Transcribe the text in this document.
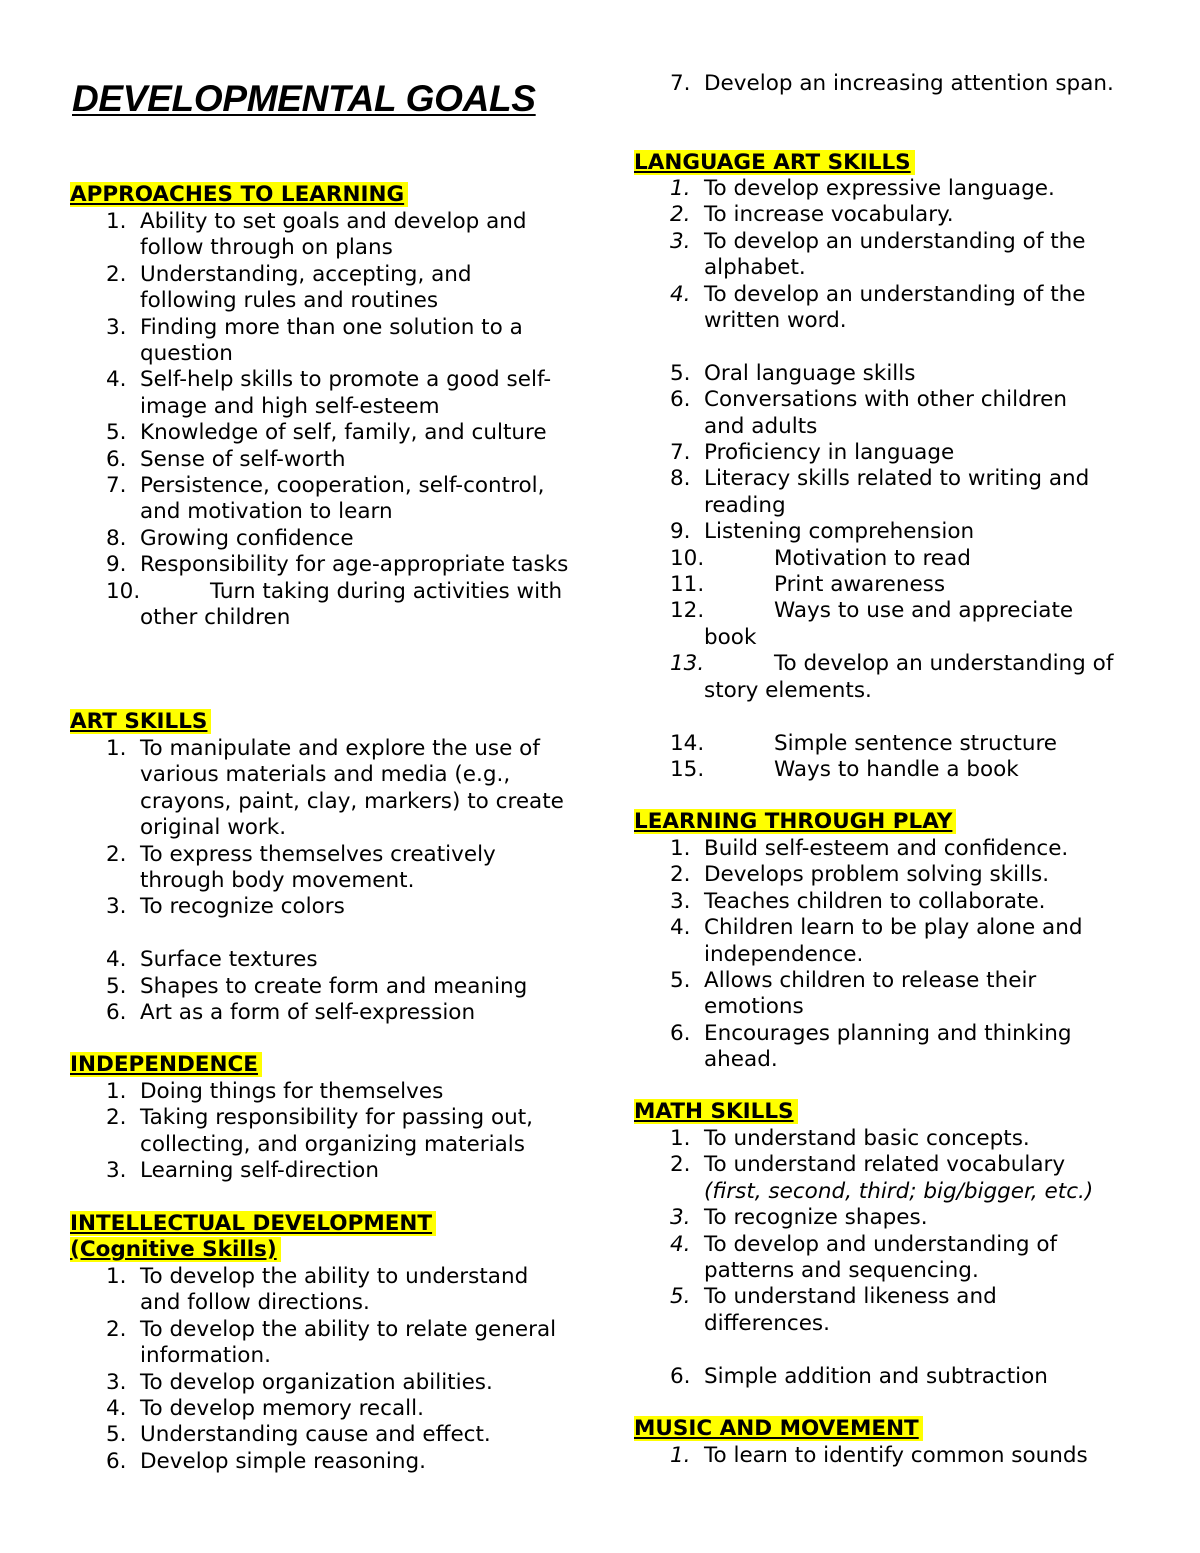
DEVELOPMENTAL GOALS
APPROACHES TO LEARNING
1. Ability to set goals and develop and follow through on plans
2. Understanding, accepting, and following rules and routines
3. Finding more than one solution to a question
4. Self-help skills to promote a good self-image and high self-esteem
5. Knowledge of self, family, and culture
6. Sense of self-worth
7. Persistence, cooperation, self-control, and motivation to learn
8. Growing confidence
9. Responsibility for age-appropriate tasks
10.	Turn taking during activities with other children
ART SKILLS
1. To manipulate and explore the use of various materials and media (e.g., crayons, paint, clay, markers) to create original work.
2. To express themselves creatively through body movement.
3. To recognize colors
4. Surface textures
5. Shapes to create form and meaning
6. Art as a form of self-expression
INDEPENDENCE
1. Doing things for themselves
2. Taking responsibility for passing out, collecting, and organizing materials
3. Learning self-direction
INTELLECTUAL DEVELOPMENT
(Cognitive Skills)
1. To develop the ability to understand and follow directions.
2. To develop the ability to relate general information.
3. To develop organization abilities.
4. To develop memory recall.
5. Understanding cause and effect.
6. Develop simple reasoning.
7. Develop an increasing attention span.
LANGUAGE ART SKILLS
1. To develop expressive language.
2. To increase vocabulary.
3. To develop an understanding of the alphabet.
4. To develop an understanding of the written word.
5. Oral language skills
6. Conversations with other children and adults
7. Proficiency in language
8. Literacy skills related to writing and reading
9. Listening comprehension
10.	Motivation to read
11.	Print awareness
12.	Ways to use and appreciate book
13.	To develop an understanding of story elements.
14.	Simple sentence structure
15.	Ways to handle a book
LEARNING THROUGH PLAY
1. Build self-esteem and confidence.
2. Develops problem solving skills.
3. Teaches children to collaborate.
4. Children learn to be play alone and independence.
5. Allows children to release their emotions
6. Encourages planning and thinking ahead.
MATH SKILLS
1. To understand basic concepts.
2. To understand related vocabulary
(first, second, third; big/bigger, etc.)
3. To recognize shapes.
4. To develop and understanding of patterns and sequencing.
5. To understand likeness and differences.
6. Simple addition and subtraction
MUSIC AND MOVEMENT
1. To learn to identify common sounds
